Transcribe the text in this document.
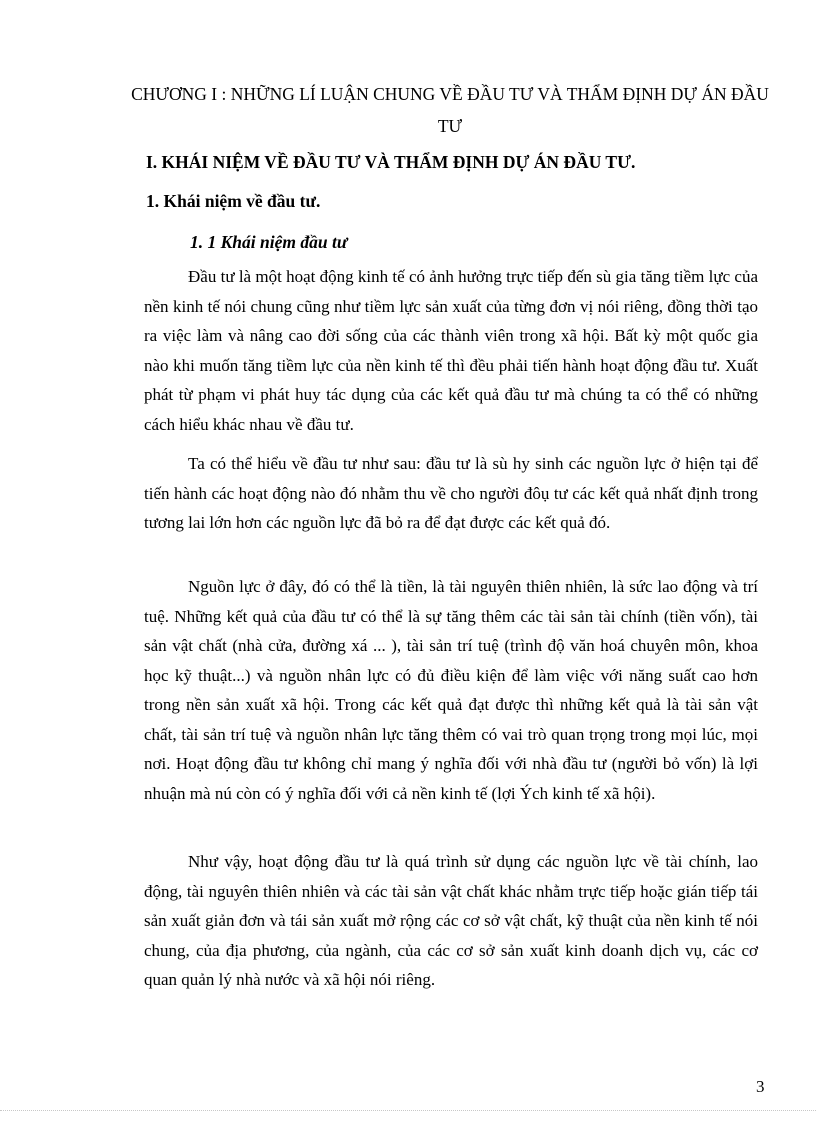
CHƯƠNG I : NHỮNG LÍ LUẬN CHUNG VỀ ĐẦU TƯ VÀ THẨM ĐỊNH DỰ ÁN ĐẦU TƯ
I. KHÁI NIỆM VỀ ĐẦU TƯ VÀ THẨM ĐỊNH DỰ ÁN ĐẦU TƯ.
1. Khái niệm về đầu tư.
1. 1 Khái niệm đầu tư

Đầu tư là một hoạt động kinh tế có ảnh hưởng trực tiếp đến sù gia tăng tiềm lực của nền kinh tế nói chung cũng như tiềm lực sản xuất của từng đơn vị nói riêng, đồng thời tạo ra việc làm và nâng cao đời sống của các thành viên trong xã hội. Bất kỳ một quốc gia nào khi muốn tăng tiềm lực của nền kinh tế thì đều phải tiến hành hoạt động đầu tư. Xuất phát từ phạm vi phát huy tác dụng của các kết quả đầu tư mà chúng ta có thể có những cách hiểu khác nhau về đầu tư.

Ta có thể hiểu về đầu tư như sau: đầu tư là sù hy sinh các nguồn lực ở hiện tại để tiến hành các hoạt động nào đó nhằm thu về cho người đôụ tư các kết quả nhất định trong tương lai lớn hơn các nguồn lực đã bỏ ra để đạt được các kết quả đó.

Nguồn lực ở đây, đó có thể là tiền, là tài nguyên thiên nhiên, là sức lao động và trí tuệ. Những kết quả của đầu tư có thể là sự tăng thêm các tài sản tài chính (tiền vốn), tài sản vật chất (nhà cửa, đường xá ... ), tài sản trí tuệ (trình độ văn hoá chuyên môn, khoa học kỹ thuật...) và nguồn nhân lực có đủ điều kiện để làm việc với năng suất cao hơn trong nền sản xuất xã hội. Trong các kết quả đạt được thì những kết quả là tài sản vật chất, tài sản trí tuệ và nguồn nhân lực tăng thêm có vai trò quan trọng trong mọi lúc, mọi nơi. Hoạt động đầu tư không chỉ mang ý nghĩa đối với nhà đầu tư (người bỏ vốn) là lợi nhuận mà nú còn có ý nghĩa đối với cả nền kinh tế (lợi Ých kinh tế xã hội).

Như vậy, hoạt động đầu tư là quá trình sử dụng các nguồn lực về tài chính, lao động, tài nguyên thiên nhiên và các tài sản vật chất khác nhằm trực tiếp hoặc gián tiếp tái sản xuất giản đơn và tái sản xuất mở rộng các cơ sở vật chất, kỹ thuật của nền kinh tế nói chung, của địa phương, của ngành, của các cơ sở sản xuất kinh doanh dịch vụ, các cơ quan quản lý nhà nước và xã hội nói riêng.

3
